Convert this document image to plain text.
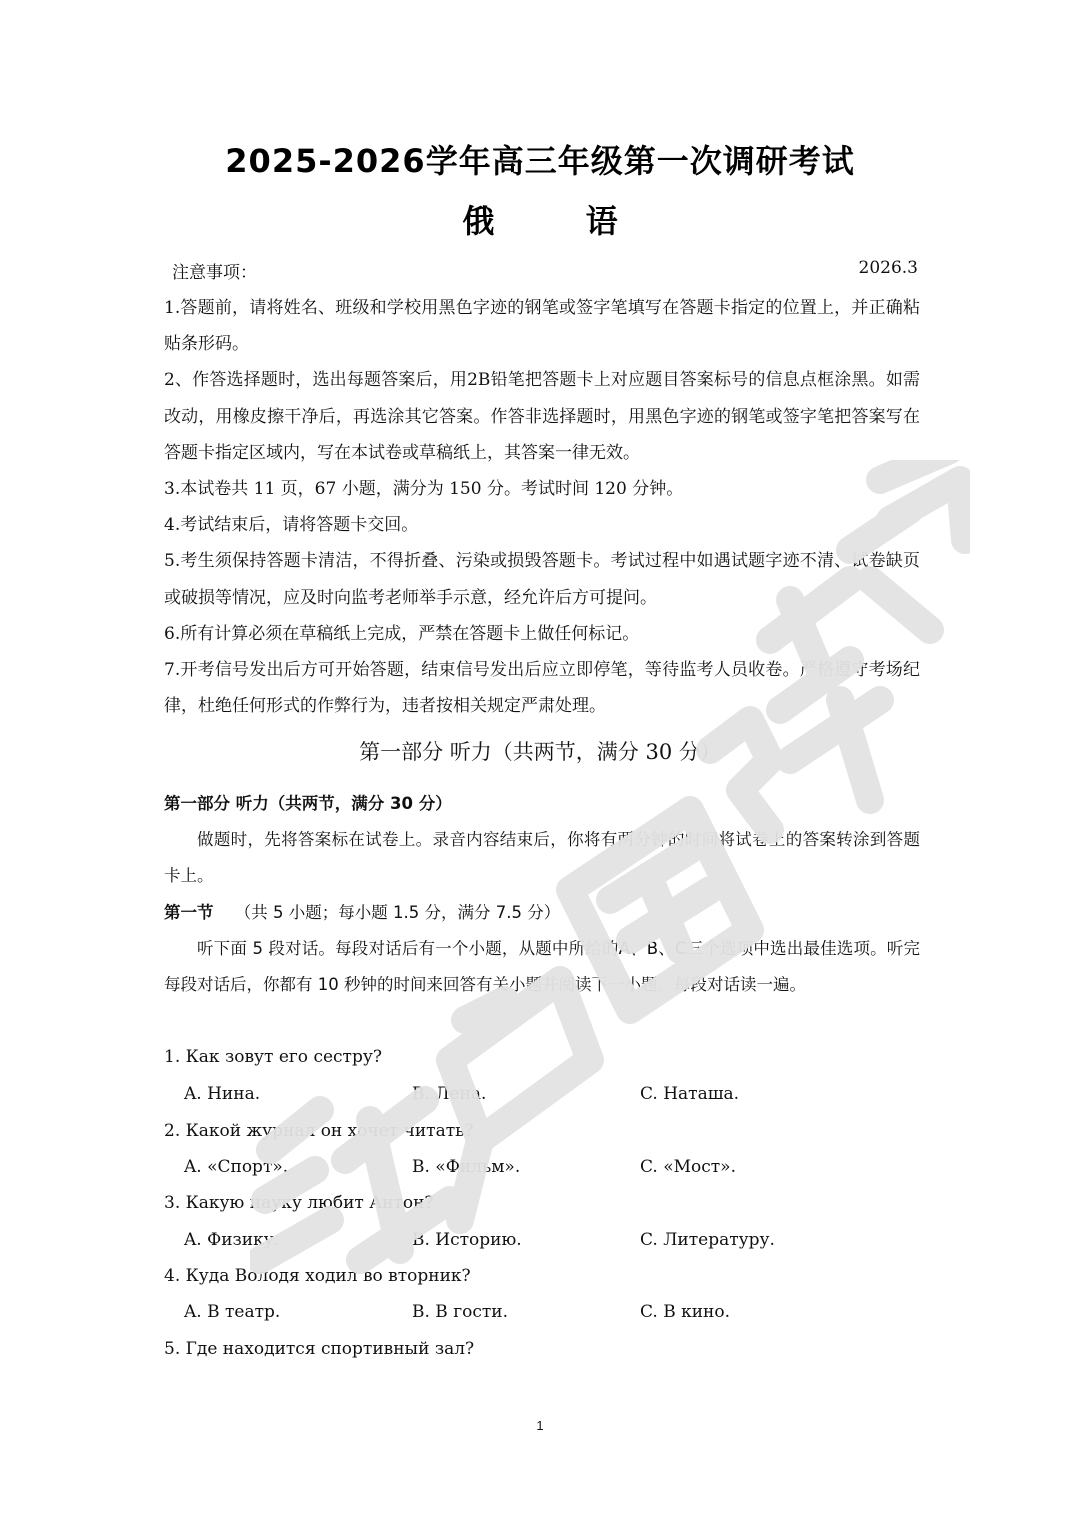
2025-2026学年高三年级第一次调研考试
俄 语
注意事项：	2026.3

1.答题前，请将姓名、班级和学校用黑色字迹的钢笔或签字笔填写在答题卡指定的位置上，并正确粘贴条形码。

2、作答选择题时，选出每题答案后，用2B铅笔把答题卡上对应题目答案标号的信息点框涂黑。如需改动，用橡皮擦干净后，再选涂其它答案。作答非选择题时，用黑色字迹的钢笔或签字笔把答案写在答题卡指定区域内，写在本试卷或草稿纸上，其答案一律无效。

3.本试卷共 11 页，67 小题，满分为 150 分。考试时间 120 分钟。

4.考试结束后，请将答题卡交回。

5.考生须保持答题卡清洁，不得折叠、污染或损毁答题卡。考试过程中如遇试题字迹不清、试卷缺页或破损等情况，应及时向监考老师举手示意，经允许后方可提问。

6.所有计算必须在草稿纸上完成，严禁在答题卡上做任何标记。

7.开考信号发出后方可开始答题，结束信号发出后应立即停笔，等待监考人员收卷。严格遵守考场纪律，杜绝任何形式的作弊行为，违者按相关规定严肃处理。

第一部分 听力（共两节，满分 30 分）

第一部分 听力（共两节，满分 30 分）

做题时，先将答案标在试卷上。录音内容结束后，你将有两分钟的时间将试卷上的答案转涂到答题卡上。

第一节 （共 5 小题；每小题 1.5 分，满分 7.5 分）

听下面 5 段对话。每段对话后有一个小题，从题中所给的A、B、C三个选项中选出最佳选项。听完每段对话后，你都有 10 秒钟的时间来回答有关小题并阅读下一小题。每段对话读一遍。

1. Как зовут его сестру?
A. Нина.	B. Лена.	C. Наташа.
2. Какой журнал он хочет читать?
A. «Спорт».	B. «Фильм».	C. «Мост».
3. Какую науку любит Антон?
A. Физику.	B. Историю.	C. Литературу.
4. Куда Володя ходил во вторник?
A. В театр.	B. В гости.	C. В кино.
5. Где находится спортивный зал?
1
